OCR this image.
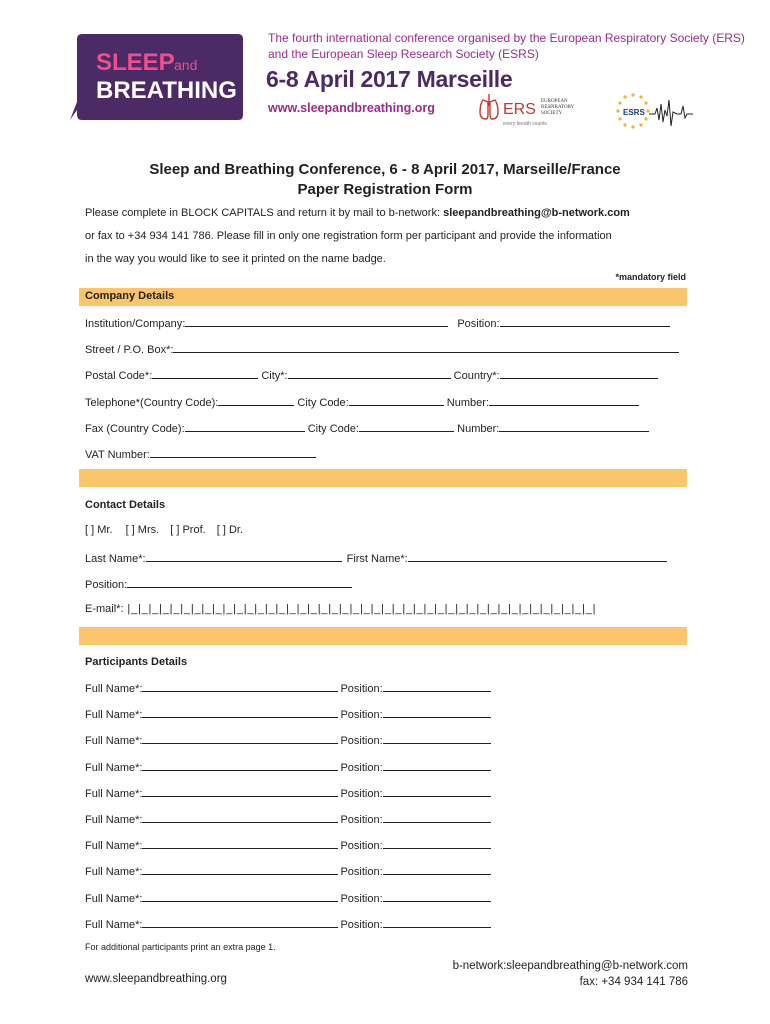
SLEEP and
BREATHING
The fourth international conference organised by the European Respiratory Society (ERS)
and the European Sleep Research Society (ESRS)
6-8 April 2017 Marseille
www.sleepandbreathing.org	ERS EUROPEAN
RESPIRATORY
SOCIETY
every breath counts
ESRS
Sleep and Breathing Conference, 6 - 8 April 2017, Marseille/France
Paper Registration Form
Please complete in BLOCK CAPITALS and return it by mail to b-network: sleepandbreathing@b-network.com
or fax to +34 934 141 786. Please fill in only one registration form per participant and provide the information
in the way you would like to see it printed on the name badge.
*mandatory field
Company Details
Institution/Company:	Position:
Street / P.O. Box*:
Postal Code*:	City*:	Country*:
Telephone*(Country Code):	City Code:	Number:
Fax (Country Code):	City Code:	Number:
VAT Number:
Contact Details
[ ] Mr. [ ] Mrs. [ ] Prof. [ ] Dr.
Last Name*:	First Name*:
Position:
E-mail*: |_|_|_|_|_|_|_|_|_|_|_|_|_|_|_|_|_|_|_|_|_|_|_|_|_|_|_|_|_|_|_|_|_|_|_|_|_|_|_|_|_|_|_|_|
Participants Details
Full Name*:	Position:
Full Name*:	Position:
Full Name*:	Position:
Full Name*:	Position:
Full Name*:	Position:
Full Name*:	Position:
Full Name*:	Position:
Full Name*:	Position:
Full Name*:	Position:
Full Name*:	Position:
For additional participants print an extra page 1.
www.sleepandbreathing.org
b-network:sleepandbreathing@b-network.com
fax: +34 934 141 786
